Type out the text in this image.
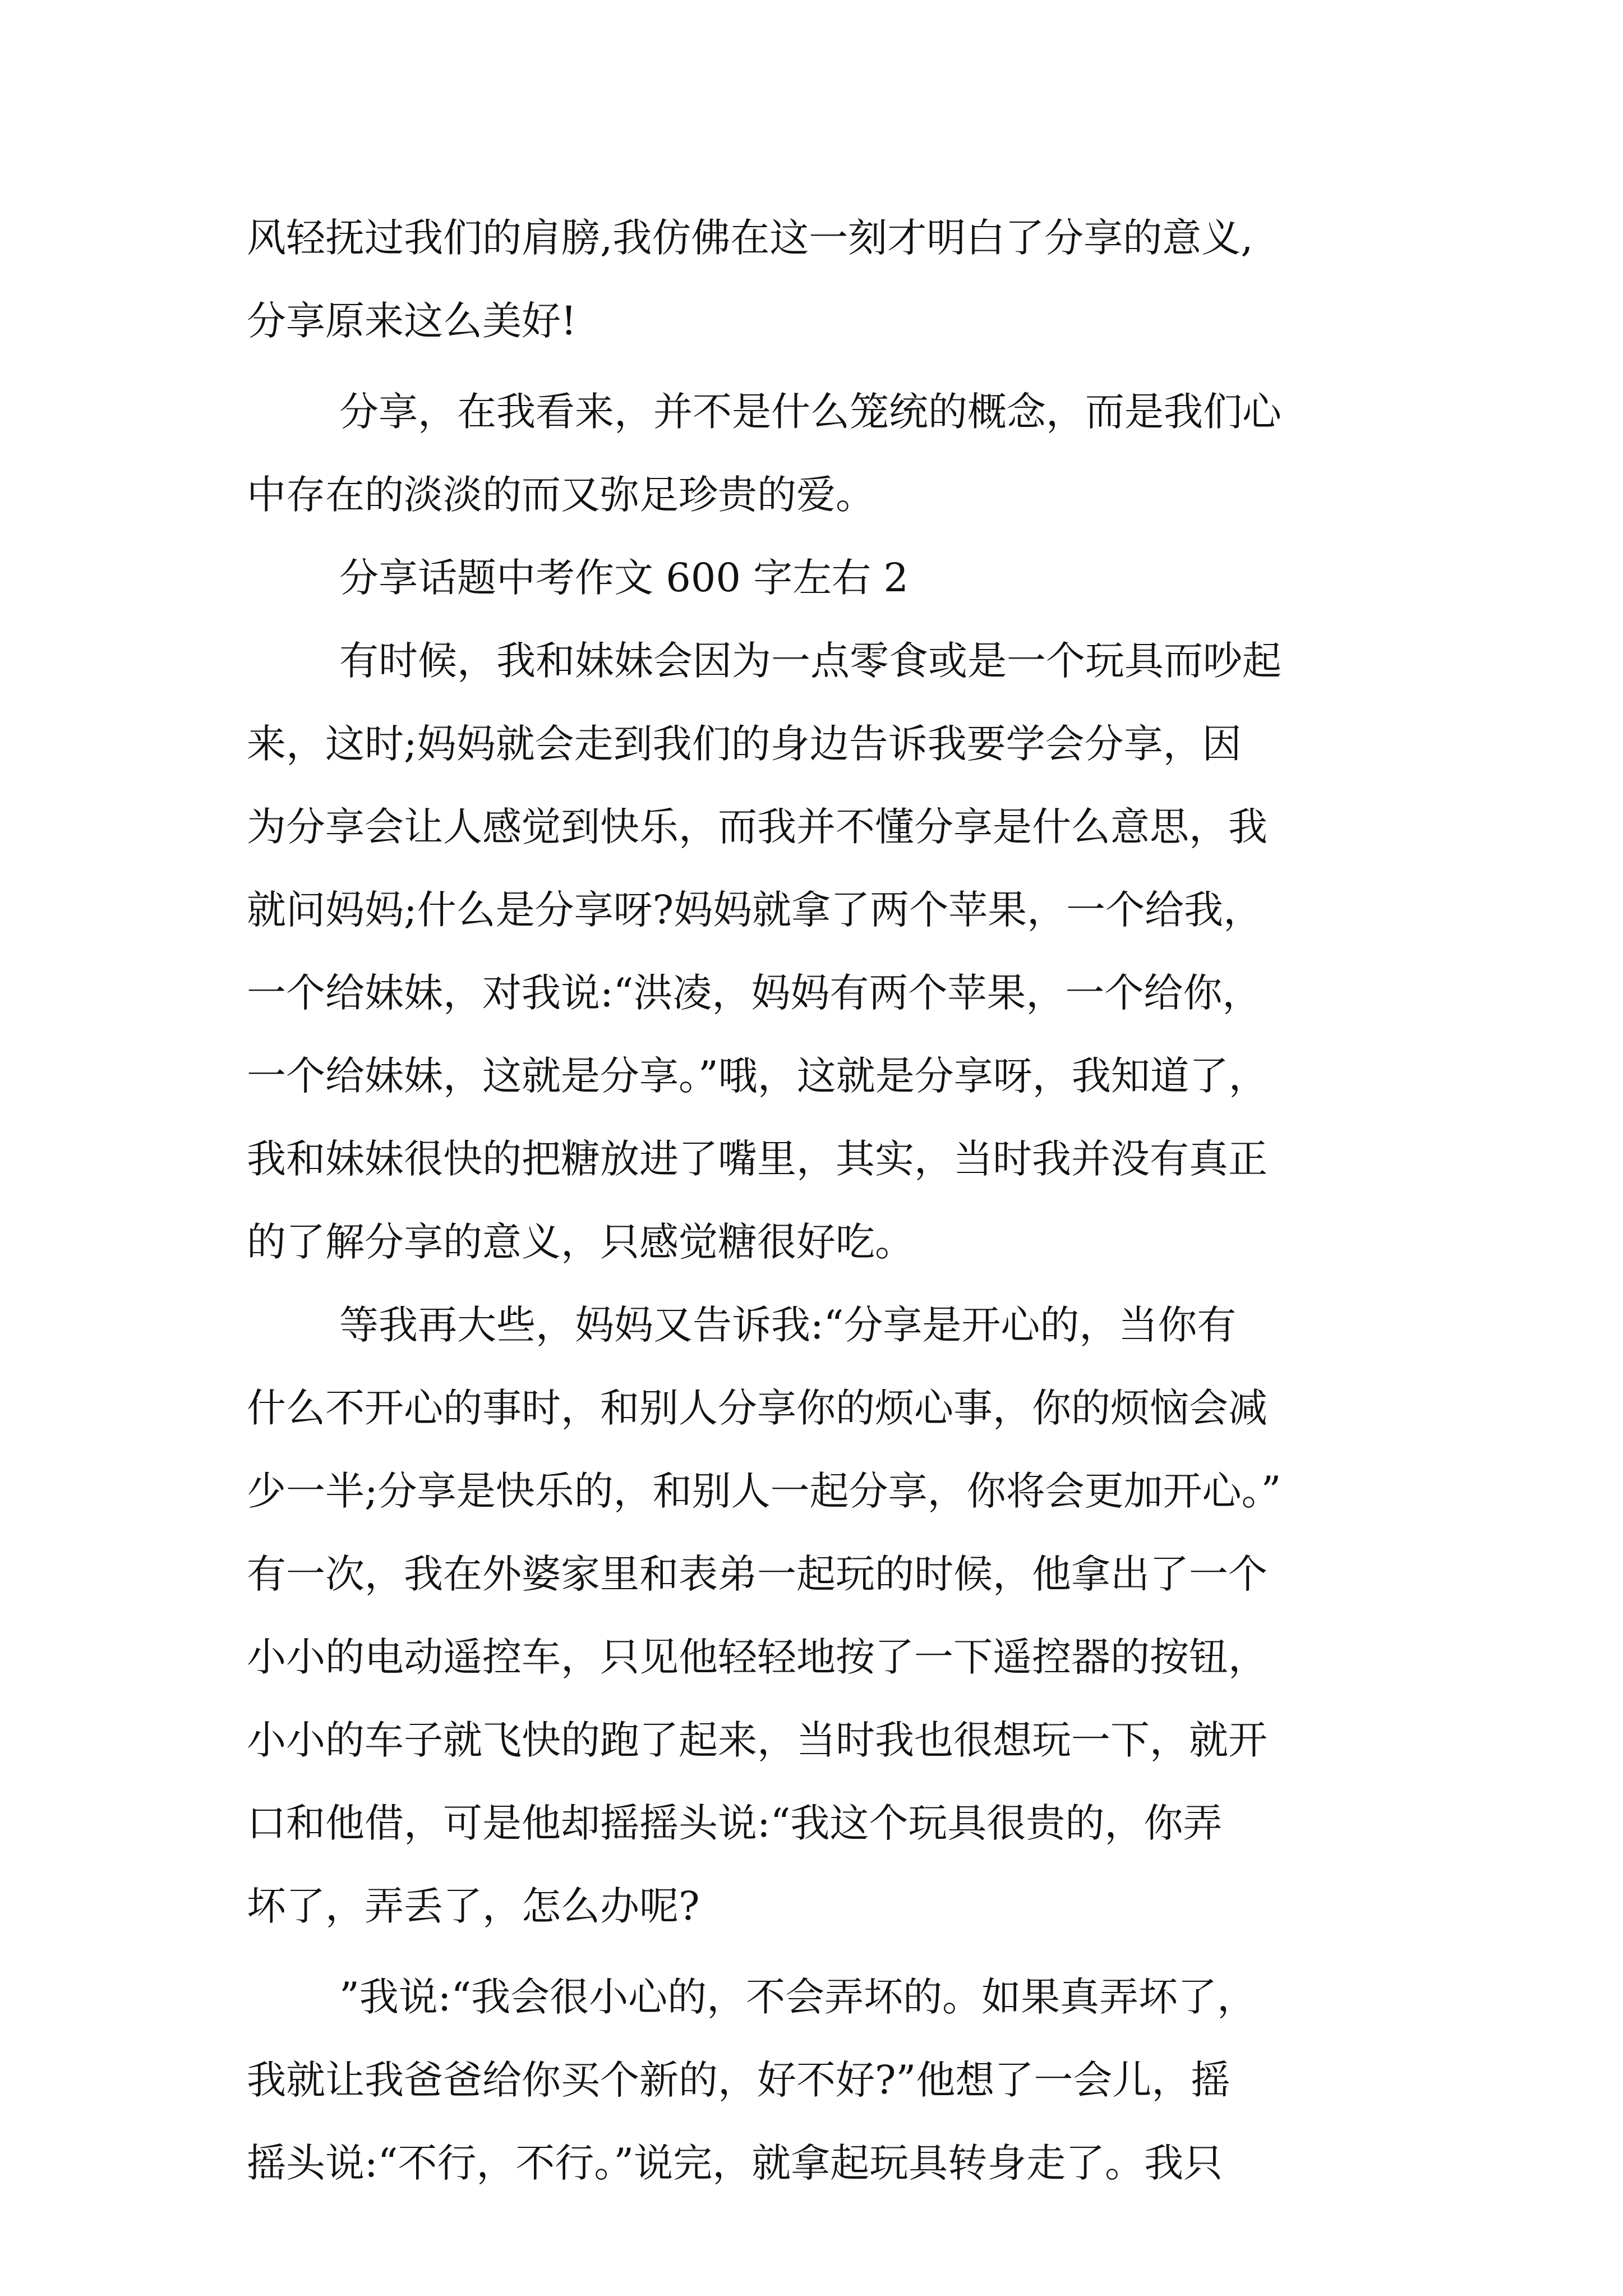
风轻抚过我们的肩膀,我仿佛在这一刻才明白了分享的意义,
分享原来这么美好!
分享，在我看来，并不是什么笼统的概念，而是我们心
中存在的淡淡的而又弥足珍贵的爱。
分享话题中考作文 600 字左右 2
有时候，我和妹妹会因为一点零食或是一个玩具而吵起
来，这时;妈妈就会走到我们的身边告诉我要学会分享，因
为分享会让人感觉到快乐，而我并不懂分享是什么意思，我
就问妈妈;什么是分享呀?妈妈就拿了两个苹果，一个给我，
一个给妹妹，对我说:“洪凌，妈妈有两个苹果，一个给你，
一个给妹妹，这就是分享。”哦，这就是分享呀，我知道了，
我和妹妹很快的把糖放进了嘴里，其实，当时我并没有真正
的了解分享的意义，只感觉糖很好吃。
等我再大些，妈妈又告诉我:“分享是开心的，当你有
什么不开心的事时，和别人分享你的烦心事，你的烦恼会减
少一半;分享是快乐的，和别人一起分享，你将会更加开心。”
有一次，我在外婆家里和表弟一起玩的时候，他拿出了一个
小小的电动遥控车，只见他轻轻地按了一下遥控器的按钮，
小小的车子就飞快的跑了起来，当时我也很想玩一下，就开
口和他借，可是他却摇摇头说:“我这个玩具很贵的，你弄
坏了，弄丢了，怎么办呢?
”我说:“我会很小心的，不会弄坏的。如果真弄坏了，
我就让我爸爸给你买个新的，好不好?”他想了一会儿，摇
摇头说:“不行，不行。”说完，就拿起玩具转身走了。我只
